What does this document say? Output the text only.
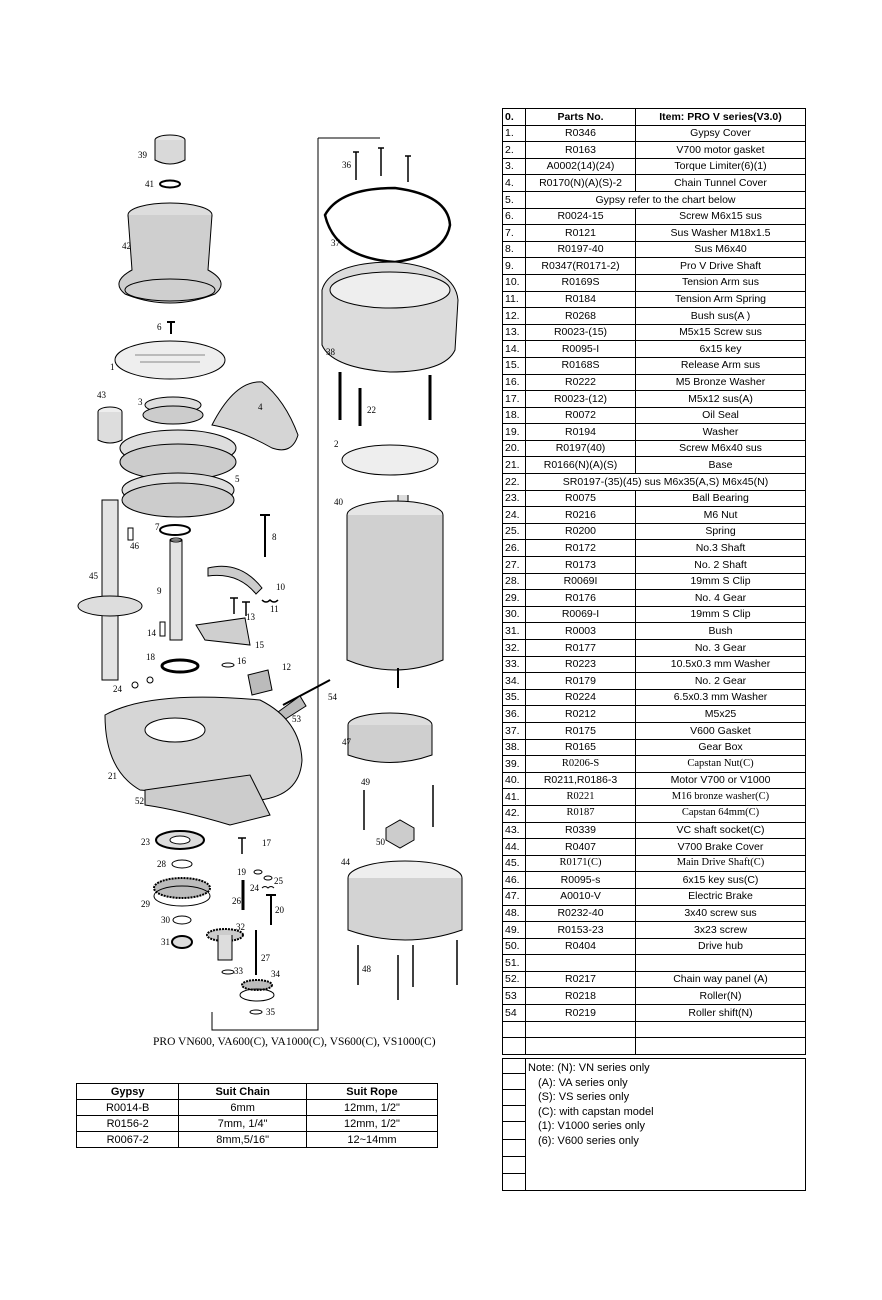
39
41
42
6
1
43
3	4
5
7
8
46
45
10
9
11
13
14
15
18	16
12
24
54
53
21
52
23	17
28
19
25
24
26
29
20
30
32
31
27
33	34
35
36
37
38
22
2
40
47
49
50
44
48
PRO VN600, VA600(C), VA1000(C), VS600(C), VS1000(C)
0.	Parts No.	Item: PRO V series(V3.0)
1.	R0346	Gypsy Cover
2.	R0163	V700 motor gasket
3.	A0002(14)(24)	Torque Limiter(6)(1)
4.	R0170(N)(A)(S)-2	Chain Tunnel Cover
5.	Gypsy refer to the chart below	
6.	R0024-15	Screw M6x15 sus
7.	R0121	Sus Washer M18x1.5
8.	R0197-40	Sus M6x40
9.	R0347(R0171-2)	Pro V Drive Shaft
10.	R0169S	Tension Arm sus
11.	R0184	Tension Arm Spring
12.	R0268	Bush sus(A )
13.	R0023-(15)	M5x15 Screw sus
14.	R0095-I	6x15 key
15.	R0168S	Release Arm sus
16.	R0222	M5 Bronze Washer
17.	R0023-(12)	M5x12 sus(A)
18.	R0072	Oil Seal
19.	R0194	Washer
20.	R0197(40)	Screw M6x40 sus
21.	R0166(N)(A)(S)	Base
22.	SR0197-(35)(45) sus M6x35(A,S) M6x45(N)	
23.	R0075	Ball Bearing
24.	R0216	M6 Nut
25.	R0200	Spring
26.	R0172	No.3 Shaft
27.	R0173	No. 2 Shaft
28.	R0069I	19mm S Clip
29.	R0176	No. 4 Gear
30.	R0069-I	19mm S Clip
31.	R0003	Bush
32.	R0177	No. 3 Gear
33.	R0223	10.5x0.3 mm Washer
34.	R0179	No. 2 Gear
35.	R0224	6.5x0.3 mm Washer
36.	R0212	M5x25
37.	R0175	V600 Gasket
38.	R0165	Gear Box
39.	R0206-S	Capstan Nut(C)
40.	R0211,R0186-3	Motor V700 or V1000
41.	R0221	M16 bronze washer(C)
42.	R0187	Capstan 64mm(C)
43.	R0339	VC shaft socket(C)
44.	R0407	V700 Brake Cover
45.	R0171(C)	Main Drive Shaft(C)
46.	R0095-s	6x15 key sus(C)
47.	A0010-V	Electric Brake
48.	R0232-40	3x40 screw sus
49.	R0153-23	3x23 screw
50.	R0404	Drive hub
51.		
52.	R0217	Chain way panel (A)
53	R0218	Roller(N)
54	R0219	Roller shift(N)

Note: (N): VN series only
(A): VA series only
(S): VS series only
(C): with capstan model
(1): V1000 series only
(6): V600 series only
Gypsy	Suit Chain	Suit Rope
R0014-B	6mm	12mm, 1/2"
R0156-2	7mm, 1/4"	12mm, 1/2"
R0067-2	8mm,5/16"	12~14mm
